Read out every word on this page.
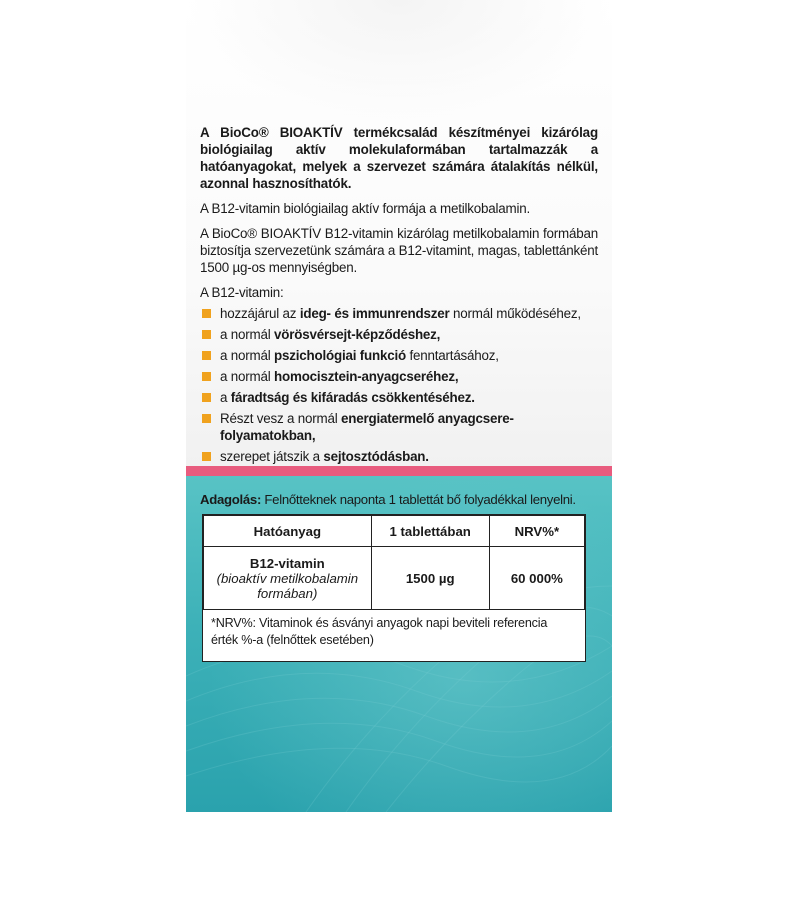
A BioCo® BIOAKTÍV termékcsalád készítményei kizárólag biológiailag aktív molekulaformában tartalmazzák a hatóanyagokat, melyek a szervezet számára átalakítás nélkül, azonnal hasznosíthatók.

A B12-vitamin biológiailag aktív formája a metilkobalamin.

A BioCo® BIOAKTÍV B12-vitamin kizárólag metilkobalamin formában biztosítja szervezetünk számára a B12-vitamint, magas, tablettánként 1500 µg-os mennyiségben.

A B12-vitamin:

hozzájárul az ideg- és immunrendszer normál működéséhez,
a normál vörösvérsejt-képződéshez,
a normál pszichológiai funkció fenntartásához,
a normál homocisztein-anyagcseréhez,
a fáradtság és kifáradás csökkentéséhez.
Részt vesz a normál energiatermelő anyagcsere-folyamatokban,
szerepet játszik a sejtosztódásban.
Adagolás: Felnőtteknek naponta 1 tablettát bő folyadékkal lenyelni.
Hatóanyag	1 tablettában	NRV%*

B12-vitamin
(bioaktív metilkobalamin formában)	1500 µg	60 000%
*NRV%: Vitaminok és ásványi anyagok napi beviteli referencia érték %-a (felnőttek esetében)
